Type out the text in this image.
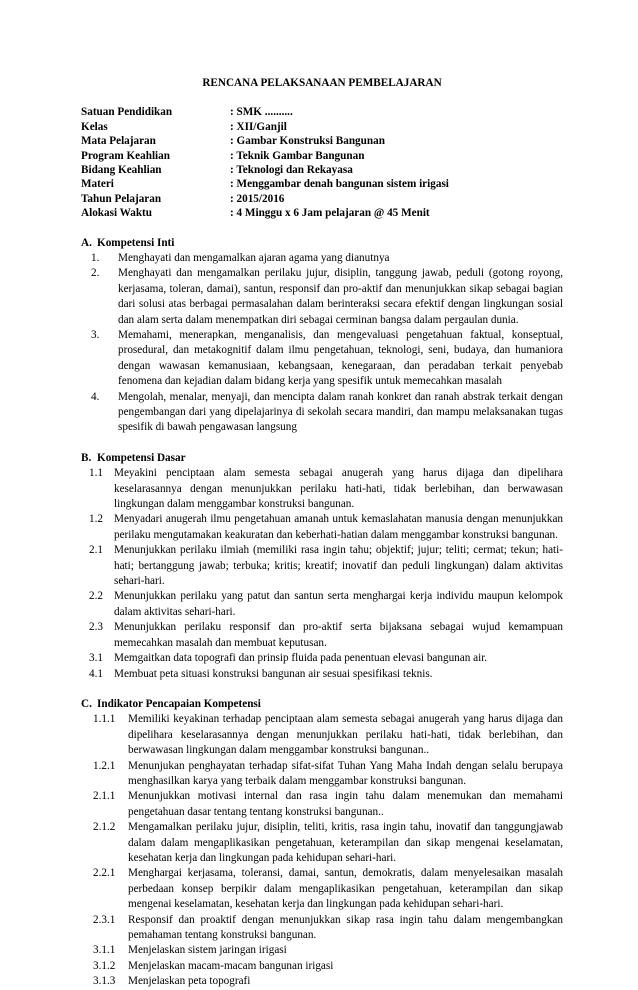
RENCANA PELAKSANAAN PEMBELAJARAN
Satuan Pendidikan	: SMK ..........
Kelas	: XII/Ganjil
Mata Pelajaran	: Gambar Konstruksi Bangunan
Program Keahlian	: Teknik Gambar Bangunan
Bidang Keahlian	: Teknologi dan Rekayasa
Materi	: Menggambar denah bangunan sistem irigasi
Tahun Pelajaran	: 2015/2016
Alokasi Waktu	: 4 Minggu x 6 Jam pelajaran @ 45 Menit
A. Kompetensi Inti
1.	Menghayati dan mengamalkan ajaran agama yang dianutnya
2.	Menghayati dan mengamalkan perilaku jujur, disiplin, tanggung jawab, peduli (gotong royong, kerjasama, toleran, damai), santun, responsif dan pro-aktif dan menunjukkan sikap sebagai bagian dari solusi atas berbagai permasalahan dalam berinteraksi secara efektif dengan lingkungan sosial dan alam serta dalam menempatkan diri sebagai cerminan bangsa dalam pergaulan dunia.
3.	Memahami, menerapkan, menganalisis, dan mengevaluasi pengetahuan faktual, konseptual, prosedural, dan metakognitif dalam ilmu pengetahuan, teknologi, seni, budaya, dan humaniora dengan wawasan kemanusiaan, kebangsaan, kenegaraan, dan peradaban terkait penyebab fenomena dan kejadian dalam bidang kerja yang spesifik untuk memecahkan masalah
4.	Mengolah, menalar, menyaji, dan mencipta dalam ranah konkret dan ranah abstrak terkait dengan pengembangan dari yang dipelajarinya di sekolah secara mandiri, dan mampu melaksanakan tugas spesifik di bawah pengawasan langsung
B. Kompetensi Dasar
1.1 Meyakini penciptaan alam semesta sebagai anugerah yang harus dijaga dan dipelihara keselarasannya dengan menunjukkan perilaku hati-hati, tidak berlebihan, dan berwawasan lingkungan dalam menggambar konstruksi bangunan.
1.2 Menyadari anugerah ilmu pengetahuan amanah untuk kemaslahatan manusia dengan menunjukkan perilaku mengutamakan keakuratan dan keberhati-hatian dalam menggambar konstruksi bangunan.
2.1 Menunjukkan perilaku ilmiah (memiliki rasa ingin tahu; objektif; jujur; teliti; cermat; tekun; hati-hati; bertanggung jawab; terbuka; kritis; kreatif; inovatif dan peduli lingkungan) dalam aktivitas sehari-hari.
2.2 Menunjukkan perilaku yang patut dan santun serta menghargai kerja individu maupun kelompok dalam aktivitas sehari-hari.
2.3 Menunjukkan perilaku responsif dan pro-aktif serta bijaksana sebagai wujud kemampuan memecahkan masalah dan membuat keputusan.
3.1 Memgaitkan data topografi dan prinsip fluida pada penentuan elevasi bangunan air.
4.1 Membuat peta situasi konstruksi bangunan air sesuai spesifikasi teknis.
C. Indikator Pencapaian Kompetensi
1.1.1	Memiliki keyakinan terhadap penciptaan alam semesta sebagai anugerah yang harus dijaga dan dipelihara keselarasannya dengan menunjukkan perilaku hati-hati, tidak berlebihan, dan berwawasan lingkungan dalam menggambar konstruksi bangunan..
1.2.1	Menunjukan penghayatan terhadap sifat-sifat Tuhan Yang Maha Indah dengan selalu berupaya menghasilkan karya yang terbaik dalam menggambar konstruksi bangunan.
2.1.1	Menunjukkan motivasi internal dan rasa ingin tahu dalam menemukan dan memahami pengetahuan dasar tentang tentang konstruksi bangunan..
2.1.2	Mengamalkan perilaku jujur, disiplin, teliti, kritis, rasa ingin tahu, inovatif dan tanggungjawab dalam dalam mengaplikasikan pengetahuan, keterampilan dan sikap mengenai keselamatan, kesehatan kerja dan lingkungan pada kehidupan sehari-hari.
2.2.1	Menghargai kerjasama, toleransi, damai, santun, demokratis, dalam menyelesaikan masalah perbedaan konsep berpikir dalam mengaplikasikan pengetahuan, keterampilan dan sikap mengenai keselamatan, kesehatan kerja dan lingkungan pada kehidupan sehari-hari.
2.3.1	Responsif dan proaktif dengan menunjukkan sikap rasa ingin tahu dalam mengembangkan pemahaman tentang konstruksi bangunan.
3.1.1	Menjelaskan sistem jaringan irigasi
3.1.2	Menjelaskan macam-macam bangunan irigasi
3.1.3	Menjelaskan peta topografi
